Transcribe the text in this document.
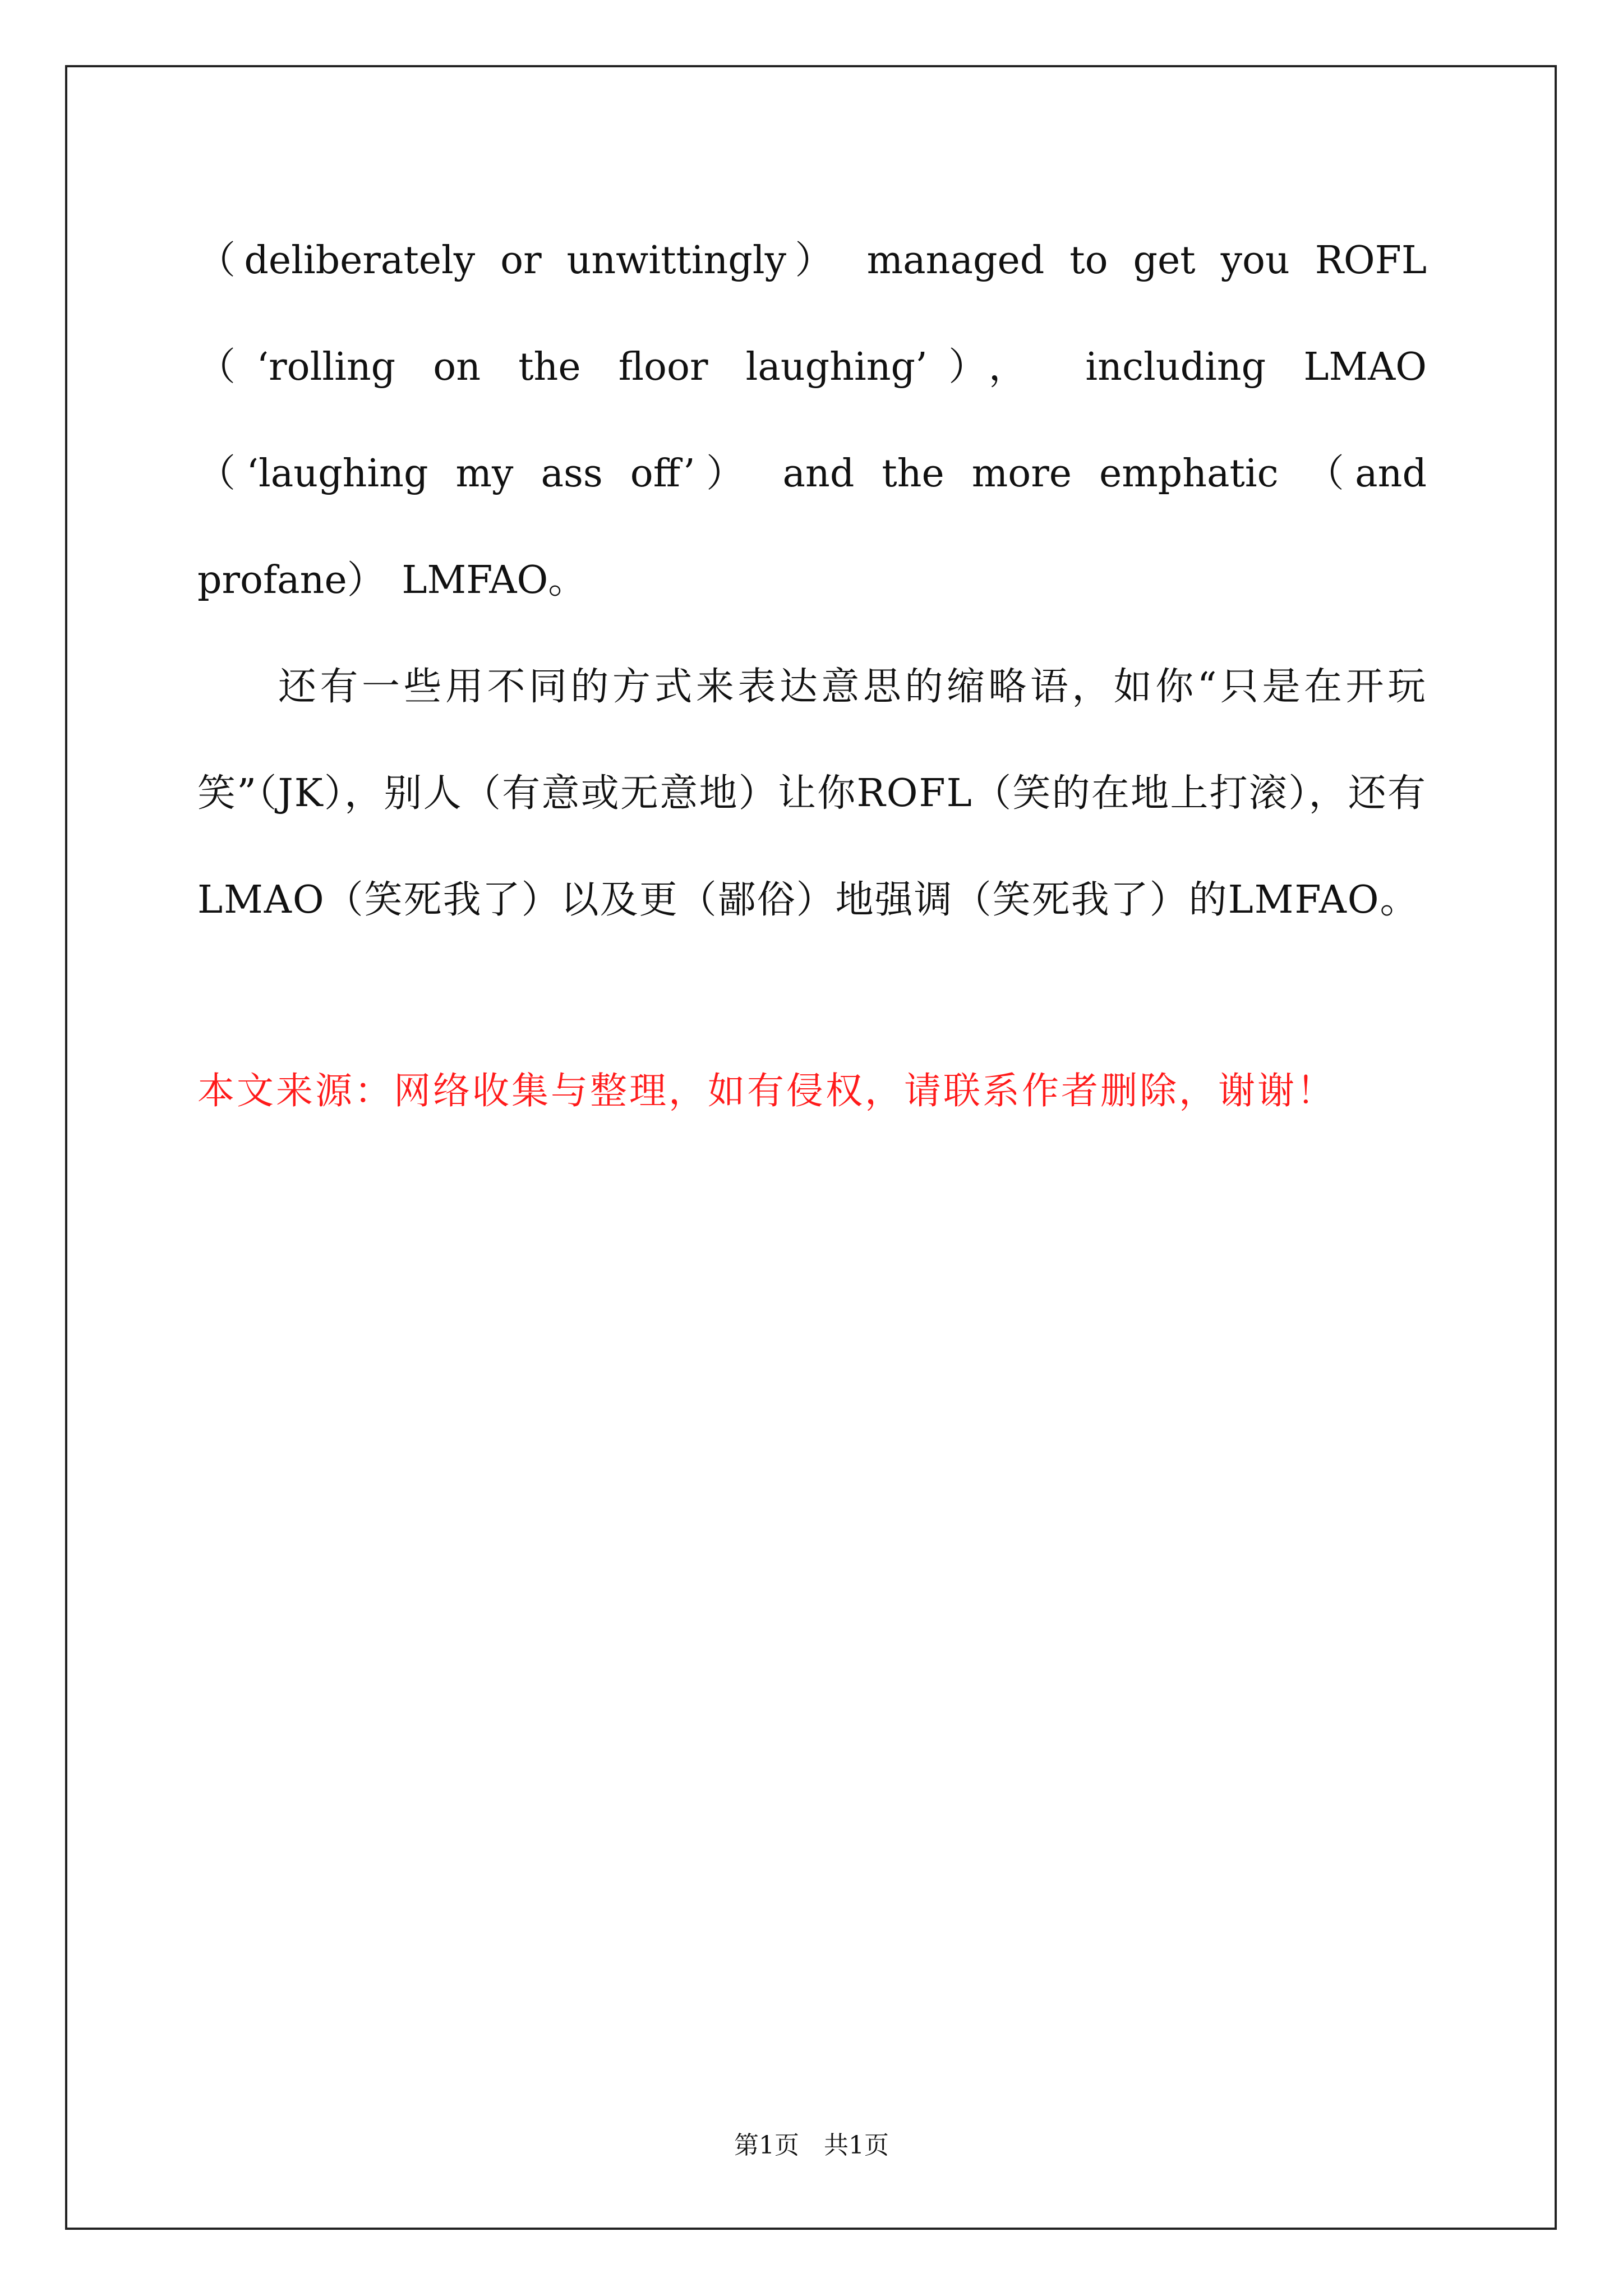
（deliberately or unwittingly） managed to get you ROFL（‘rolling on the floor laughing’）， including LMAO（‘laughing my ass off’） and the more emphatic （and profane） LMFAO。

还有一些用不同的方式来表达意思的缩略语，如你“只是在开玩笑”（JK），别人（有意或无意地）让你ROFL（笑的在地上打滚），还有LMAO（笑死我了）以及更（鄙俗）地强调（笑死我了）的LMFAO。

本文来源：网络收集与整理，如有侵权，请联系作者删除，谢谢！

第1页　共1页
